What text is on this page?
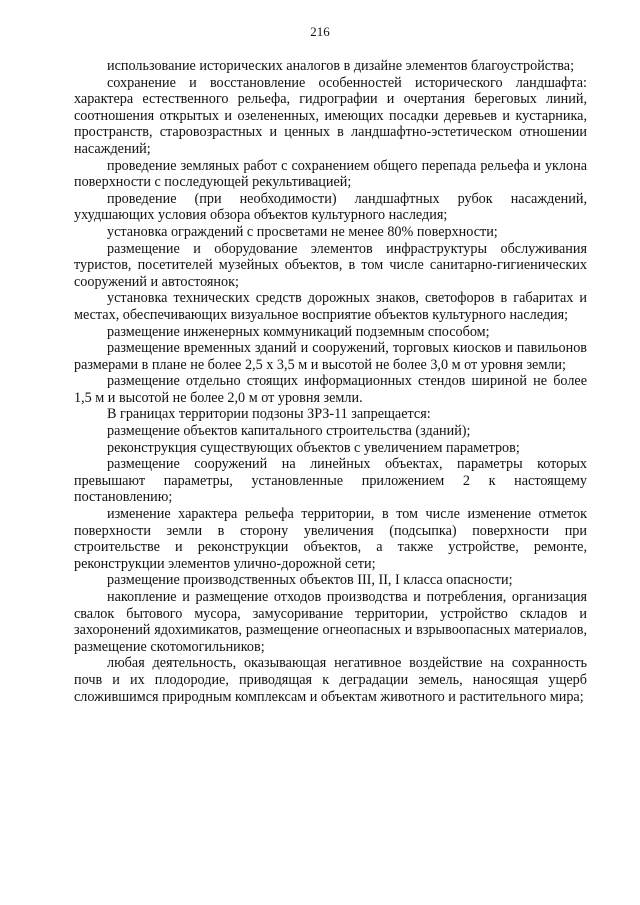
216

использование исторических аналогов в дизайне элементов благоустройства;

сохранение и восстановление особенностей исторического ландшафта: характера естественного рельефа, гидрографии и очертания береговых линий, соотношения открытых и озелененных, имеющих посадки деревьев и кустарника, пространств, старовозрастных и ценных в ландшафтно-эстетическом отношении насаждений;

проведение земляных работ с сохранением общего перепада рельефа и уклона поверхности с последующей рекультивацией;

проведение (при необходимости) ландшафтных рубок насаждений, ухудшающих условия обзора объектов культурного наследия;

установка ограждений с просветами не менее 80% поверхности;

размещение и оборудование элементов инфраструктуры обслуживания туристов, посетителей музейных объектов, в том числе санитарно-гигиенических сооружений и автостоянок;

установка технических средств дорожных знаков, светофоров в габаритах и местах, обеспечивающих визуальное восприятие объектов культурного наследия;

размещение инженерных коммуникаций подземным способом;

размещение временных зданий и сооружений, торговых киосков и павильонов размерами в плане не более 2,5 х 3,5 м и высотой не более 3,0 м от уровня земли;

размещение отдельно стоящих информационных стендов шириной не более 1,5 м и высотой не более 2,0 м от уровня земли.

В границах территории подзоны ЗРЗ-11 запрещается:

размещение объектов капитального строительства (зданий);

реконструкция существующих объектов с увеличением параметров;

размещение сооружений на линейных объектах, параметры которых превышают параметры, установленные приложением 2 к настоящему постановлению;

изменение характера рельефа территории, в том числе изменение отметок поверхности земли в сторону увеличения (подсыпка) поверхности при строительстве и реконструкции объектов, а также устройстве, ремонте, реконструкции элементов улично-дорожной сети;

размещение производственных объектов III, II, I класса опасности;

накопление и размещение отходов производства и потребления, организация свалок бытового мусора, замусоривание территории, устройство складов и захоронений ядохимикатов, размещение огнеопасных и взрывоопасных материалов, размещение скотомогильников;

любая деятельность, оказывающая негативное воздействие на сохранность почв и их плодородие, приводящая к деградации земель, наносящая ущерб сложившимся природным комплексам и объектам животного и растительного мира;
